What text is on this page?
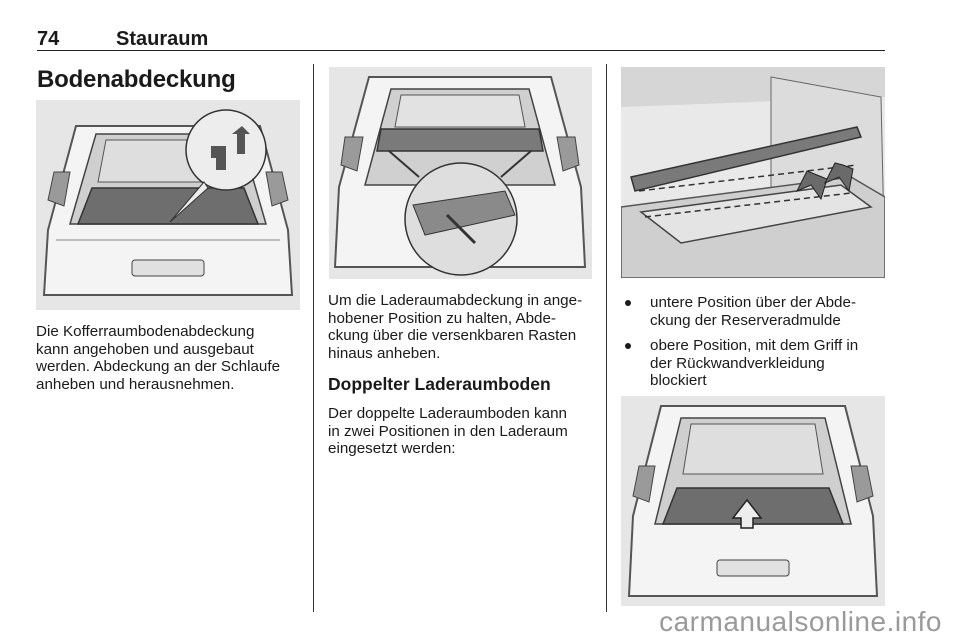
74	Stauraum
Bodenabdeckung

Die Kofferraumbodenabdeckung
kann angehoben und ausgebaut
werden. Abdeckung an der Schlaufe
anheben und herausnehmen.

Um die Laderaumabdeckung in ange-
hobener Position zu halten, Abde-
ckung über die versenkbaren Rasten
hinaus anheben.

Doppelter Laderaumboden

Der doppelte Laderaumboden kann
in zwei Positionen in den Laderaum
eingesetzt werden:

untere Position über der Abde-
ckung der Reserveradmulde
obere Position, mit dem Griff in
der Rückwandverkleidung
blockiert
carmanualsonline.info
